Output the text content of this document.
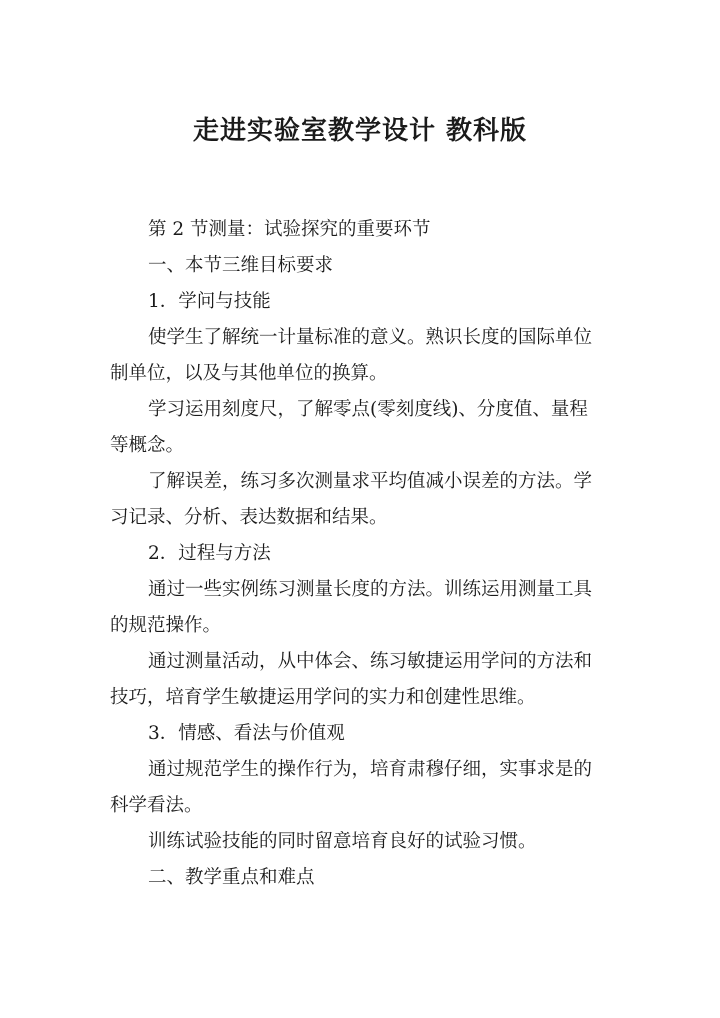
走进实验室教学设计 教科版
第 2 节测量：试验探究的重要环节
一、本节三维目标要求
1．学问与技能
使学生了解统一计量标准的意义。熟识长度的国际单位
制单位，以及与其他单位的换算。
学习运用刻度尺，了解零点(零刻度线)、分度值、量程
等概念。
了解误差，练习多次测量求平均值减小误差的方法。学
习记录、分析、表达数据和结果。
2．过程与方法
通过一些实例练习测量长度的方法。训练运用测量工具
的规范操作。
通过测量活动，从中体会、练习敏捷运用学问的方法和
技巧，培育学生敏捷运用学问的实力和创建性思维。
3．情感、看法与价值观
通过规范学生的操作行为，培育肃穆仔细，实事求是的
科学看法。
训练试验技能的同时留意培育良好的试验习惯。
二、教学重点和难点
